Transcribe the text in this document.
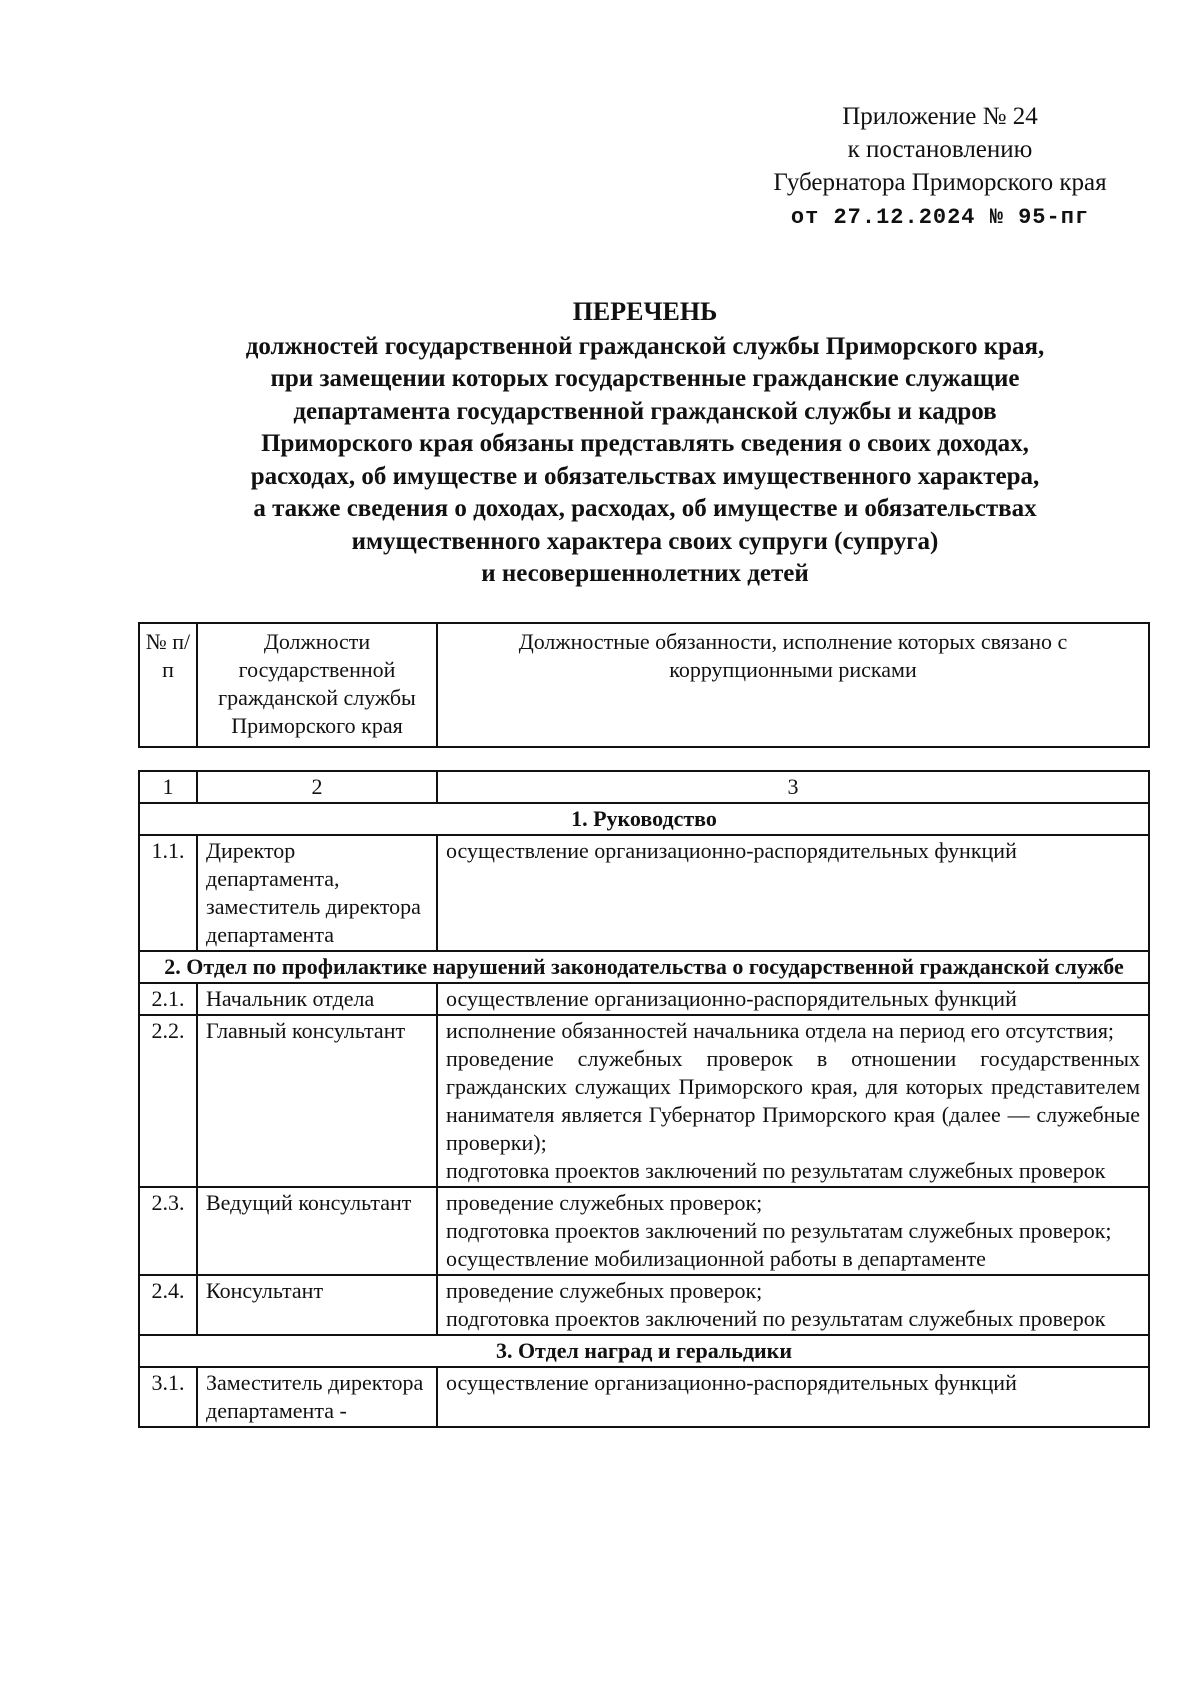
Приложение № 24
к постановлению
Губернатора Приморского края
от 27.12.2024 № 95-пг
ПЕРЕЧЕНЬ
должностей государственной гражданской службы Приморского края,
при замещении которых государственные гражданские служащие
департамента государственной гражданской службы и кадров
Приморского края обязаны представлять сведения о своих доходах,
расходах, об имуществе и обязательствах имущественного характера,
а также сведения о доходах, расходах, об имуществе и обязательствах
имущественного характера своих супруги (супруга)
и несовершеннолетних детей
№ п/п	Должности государственной гражданской службы Приморского края	Должностные обязанности, исполнение которых связано с коррупционными рисками
1	2	3
1. Руководство		
1.1.	Директор департамента, заместитель директора департамента	осуществление организационно-распорядительных функций

2. Отдел по профилактике нарушений законодательства о государственной гражданской службе		
2.1.	Начальник отдела	осуществление организационно-распорядительных функций

2.2.	Главный консультант	исполнение обязанностей начальника отдела на период его отсутствия;
проведение служебных проверок в отношении государственных гражданских служащих Приморского края, для которых представителем нанимателя является Губернатор Приморского края (далее — служебные проверки);
подготовка проектов заключений по результатам служебных проверок

2.3.	Ведущий консультант	проведение служебных проверок;
подготовка проектов заключений по результатам служебных проверок;
осуществление мобилизационной работы в департаменте

2.4.	Консультант	проведение служебных проверок;
подготовка проектов заключений по результатам служебных проверок

3. Отдел наград и геральдики		
3.1.	Заместитель директора департамента -	осуществление организационно-распорядительных функций
